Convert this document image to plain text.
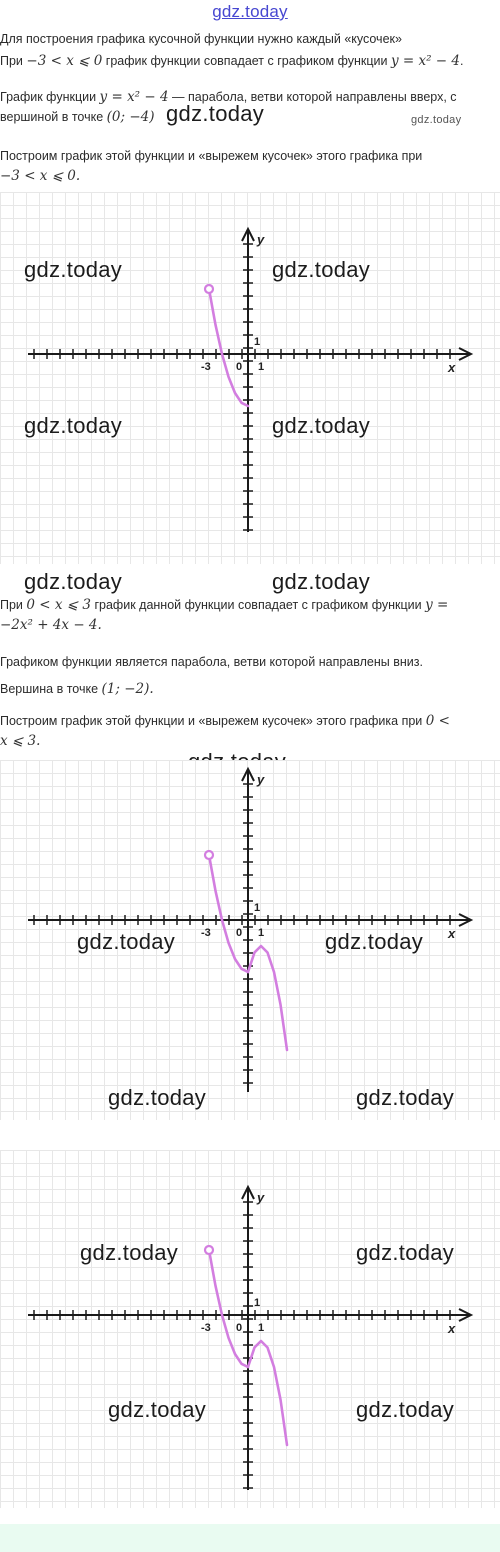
gdz.today
Для построения графика кусочной функции нужно каждый «кусочек»
При −3 < x ⩽ 0 график функции совпадает с графиком функции y = x² − 4.
График функции y = x² − 4 — парабола, ветви которой направлены вверх, с
вершиной в точке (0; −4) gdz.today	gdz.today
Построим график этой функции и «вырежем кусочек» этого графика при
−3 < x ⩽ 0.
y
x
0 1
1
-3
gdz.today	gdz.today
gdz.today	gdz.today
При 0 < x ⩽ 3 график данной функции совпадает с графиком функции y =
−2x² + 4x − 4.
gdz.today	gdz.today
Графиком функции является парабола, ветви которой направлены вниз.
Вершина в точке (1; −2).
Построим график этой функции и «вырежем кусочек» этого графика при 0 <
x ⩽ 3.
y
x
0 1
1
-3
gdz.today	gdz.today
gdz.today	gdz.today
y
x
0 1
1
-3
gdz.today	gdz.today
gdz.today	gdz.today
